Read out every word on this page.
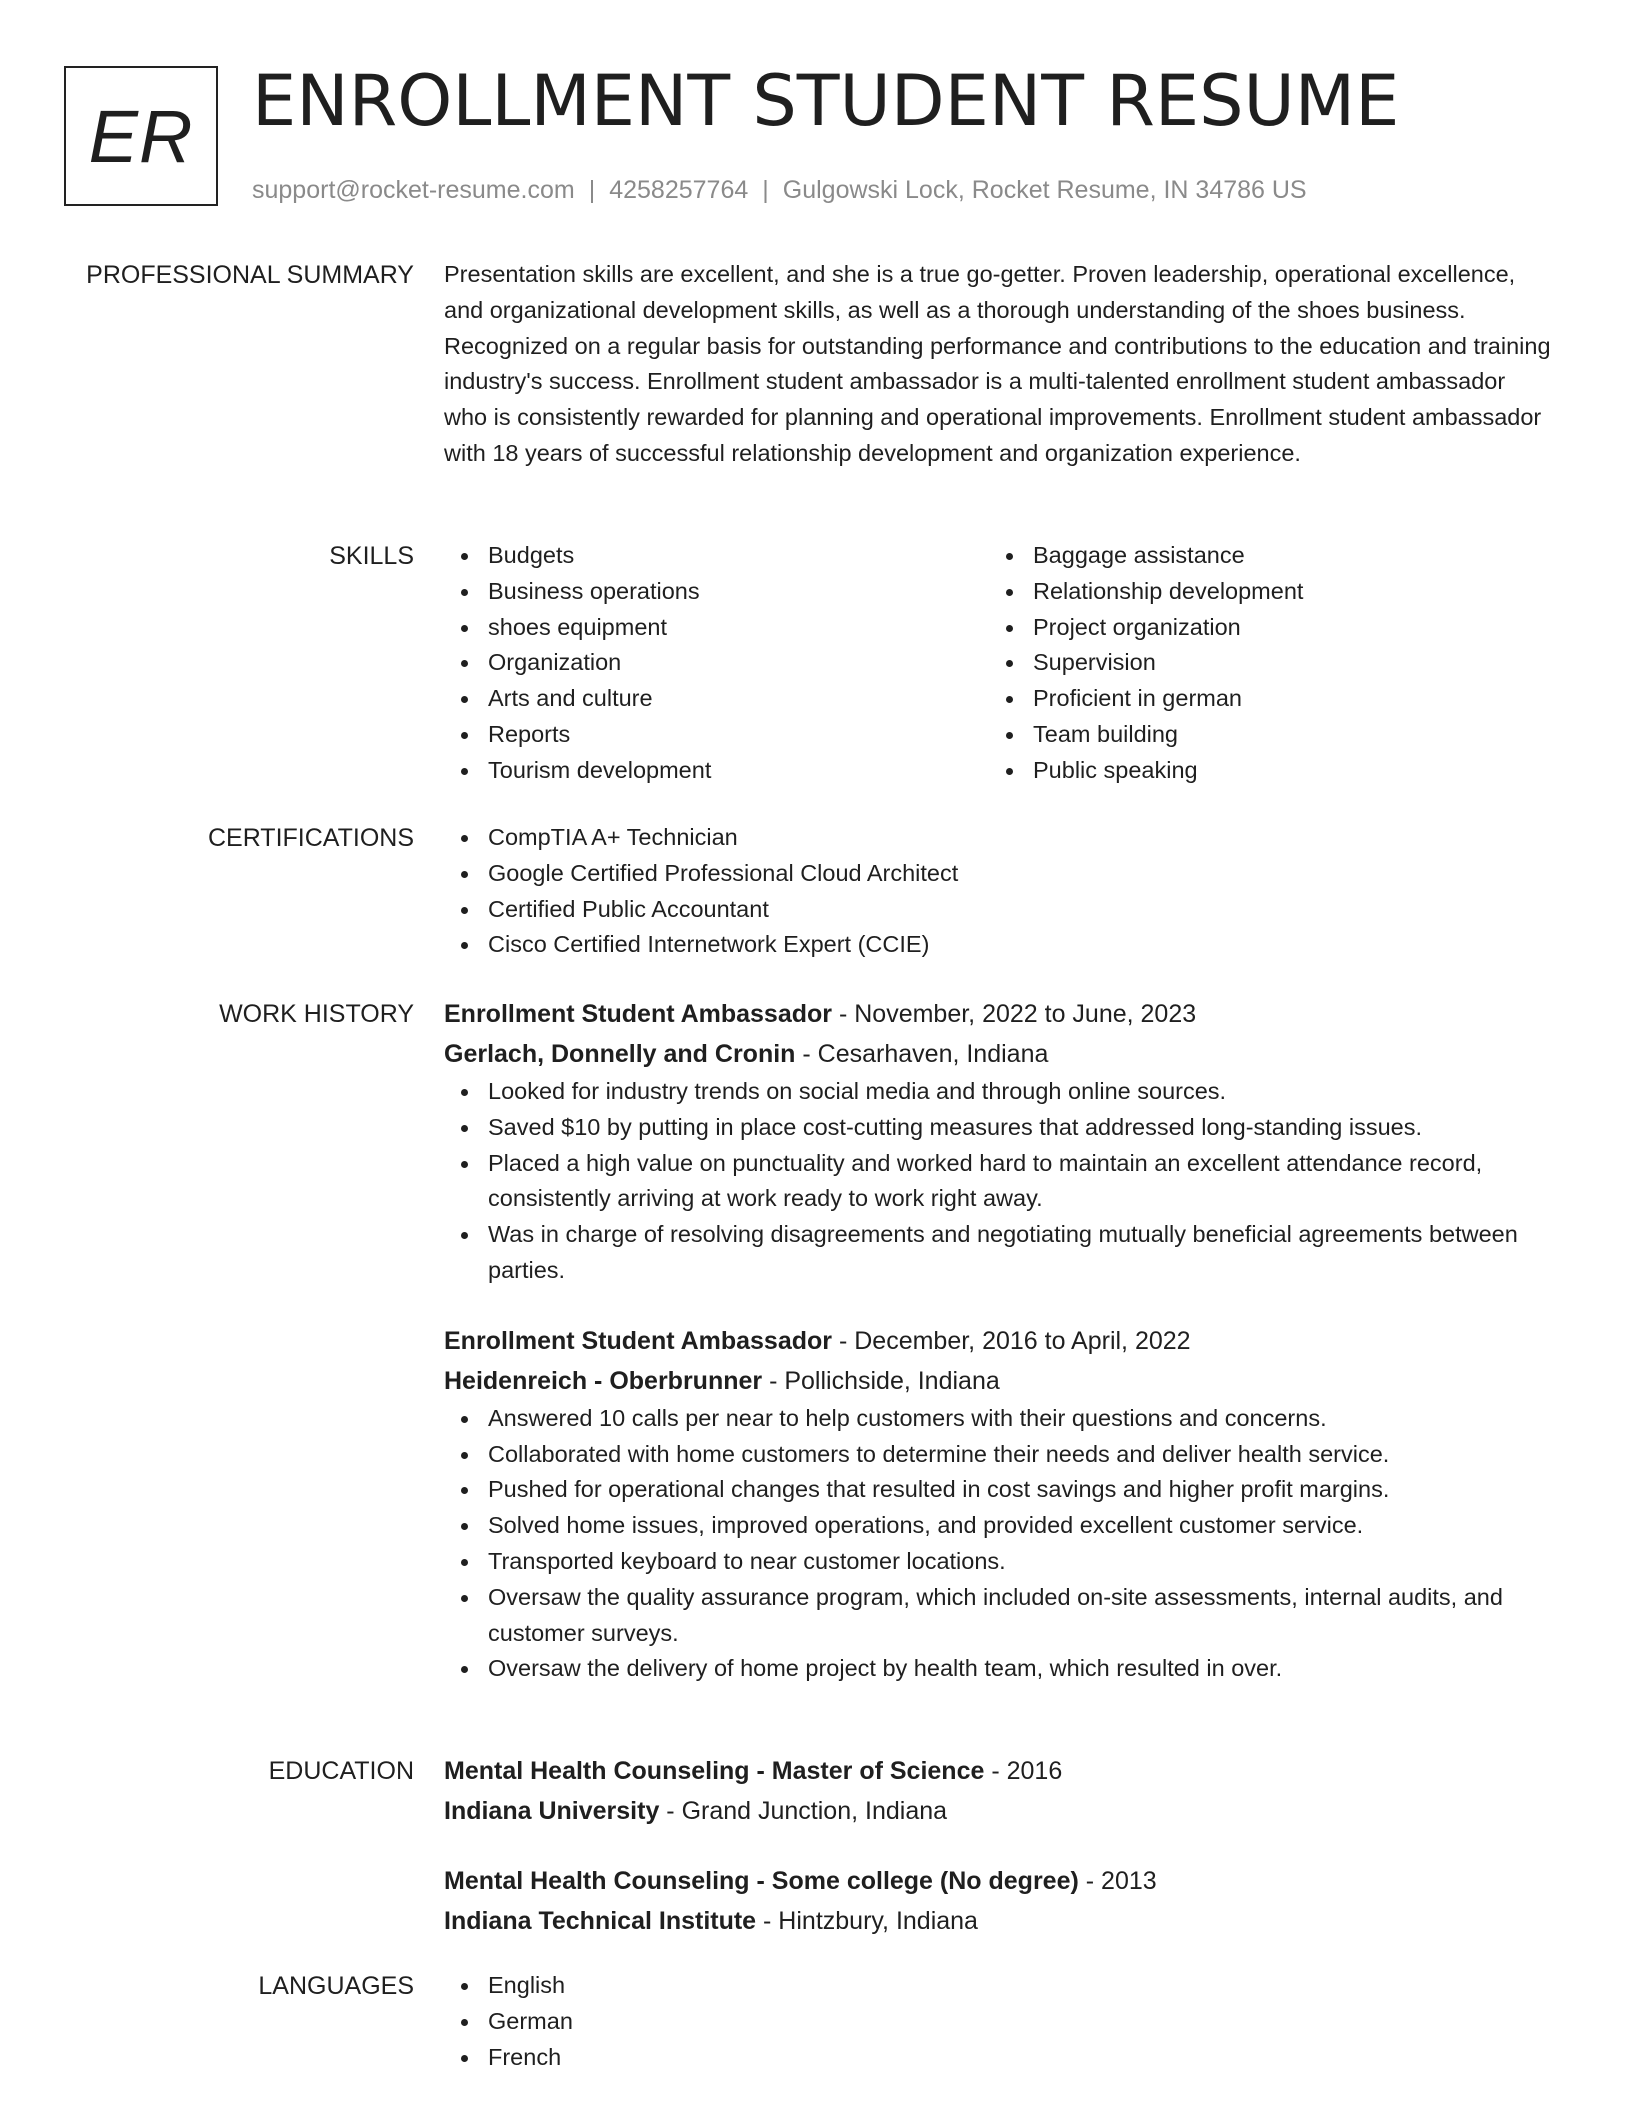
ER ENROLLMENT STUDENT RESUME
support@rocket-resume.com | 4258257764 | Gulgowski Lock, Rocket Resume, IN 34786 US
PROFESSIONAL SUMMARY Presentation skills are excellent, and she is a true go-getter. Proven leadership, operational excellence, and organizational development skills, as well as a thorough understanding of the shoes business. Recognized on a regular basis for outstanding performance and contributions to the education and training industry's success. Enrollment student ambassador is a multi-talented enrollment student ambassador who is consistently rewarded for planning and operational improvements. Enrollment student ambassador with 18 years of successful relationship development and organization experience.

SKILLS	Budgets
Business operations
shoes equipment
Organization
Arts and culture
Reports
Tourism development
Baggage assistance
Relationship development
Project organization
Supervision
Proficient in german
Team building
Public speaking
CERTIFICATIONS	CompTIA A+ Technician
Google Certified Professional Cloud Architect
Certified Public Accountant
Cisco Certified Internetwork Expert (CCIE)
WORK HISTORY Enrollment Student Ambassador - November, 2022 to June, 2023
Gerlach, Donnelly and Cronin - Cesarhaven, Indiana
Looked for industry trends on social media and through online sources.
Saved $10 by putting in place cost-cutting measures that addressed long-standing issues.
Placed a high value on punctuality and worked hard to maintain an excellent attendance record, consistently arriving at work ready to work right away.
Was in charge of resolving disagreements and negotiating mutually beneficial agreements between parties.
Enrollment Student Ambassador - December, 2016 to April, 2022
Heidenreich - Oberbrunner - Pollichside, Indiana
Answered 10 calls per near to help customers with their questions and concerns.
Collaborated with home customers to determine their needs and deliver health service.
Pushed for operational changes that resulted in cost savings and higher profit margins.
Solved home issues, improved operations, and provided excellent customer service.
Transported keyboard to near customer locations.
Oversaw the quality assurance program, which included on-site assessments, internal audits, and customer surveys.
Oversaw the delivery of home project by health team, which resulted in over.
EDUCATION Mental Health Counseling - Master of Science - 2016
Indiana University - Grand Junction, Indiana
Mental Health Counseling - Some college (No degree) - 2013
Indiana Technical Institute - Hintzbury, Indiana
LANGUAGES	English
German
French
